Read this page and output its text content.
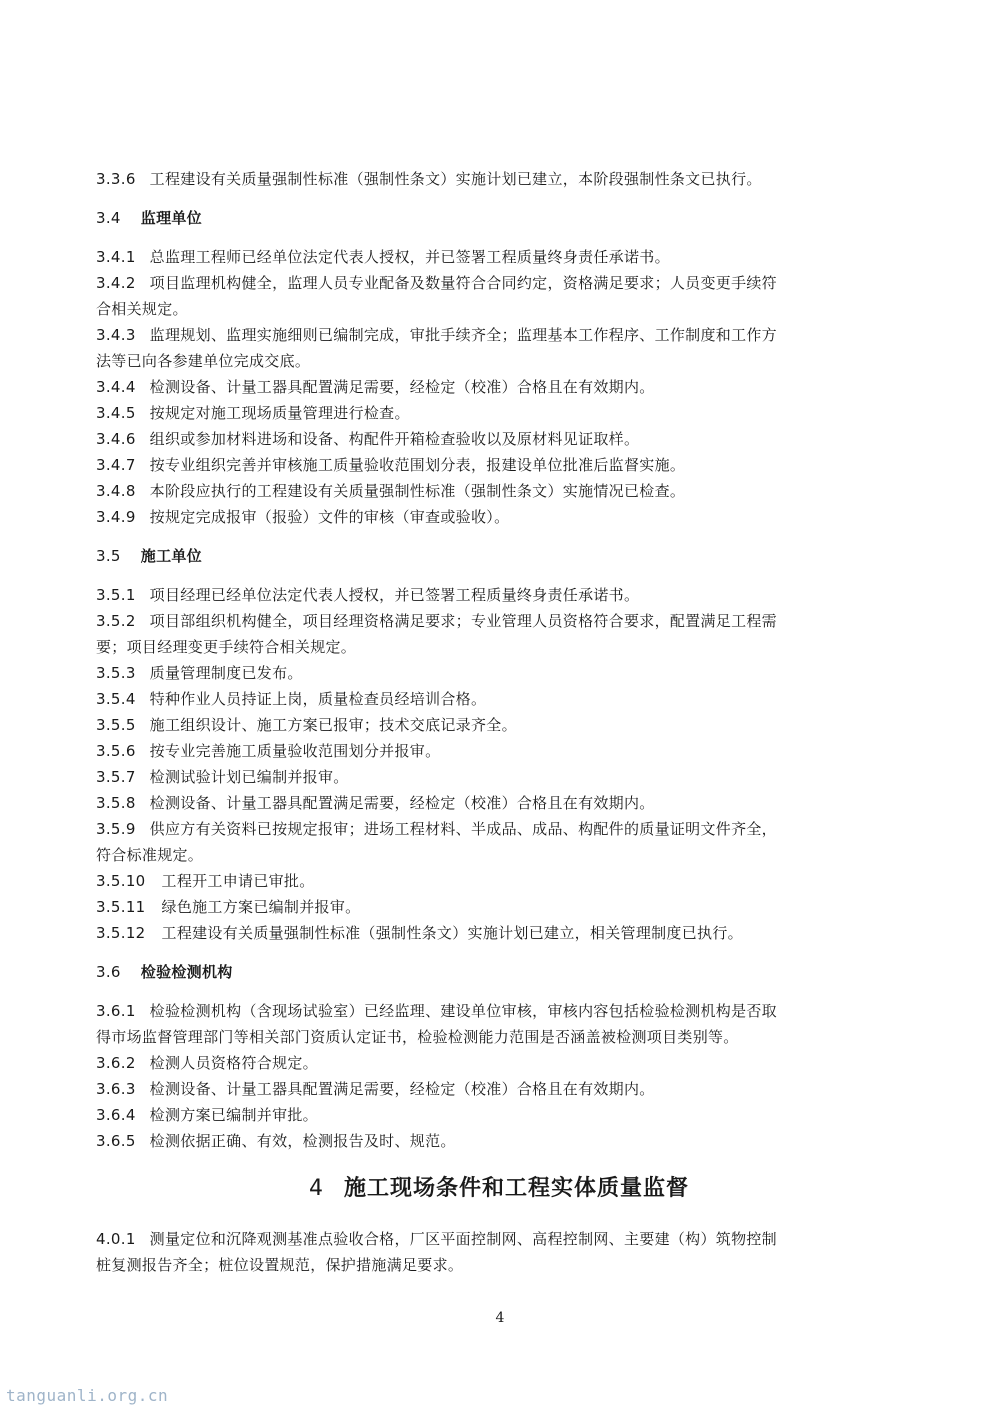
3.3.6 工程建设有关质量强制性标准（强制性条文）实施计划已建立，本阶段强制性条文已执行。
3.4 监理单位
3.4.1 总监理工程师已经单位法定代表人授权，并已签署工程质量终身责任承诺书。
3.4.2 项目监理机构健全，监理人员专业配备及数量符合合同约定，资格满足要求；人员变更手续符
合相关规定。
3.4.3 监理规划、监理实施细则已编制完成，审批手续齐全；监理基本工作程序、工作制度和工作方
法等已向各参建单位完成交底。
3.4.4 检测设备、计量工器具配置满足需要，经检定（校准）合格且在有效期内。
3.4.5 按规定对施工现场质量管理进行检查。
3.4.6 组织或参加材料进场和设备、构配件开箱检查验收以及原材料见证取样。
3.4.7 按专业组织完善并审核施工质量验收范围划分表，报建设单位批准后监督实施。
3.4.8 本阶段应执行的工程建设有关质量强制性标准（强制性条文）实施情况已检查。
3.4.9 按规定完成报审（报验）文件的审核（审查或验收）。
3.5 施工单位
3.5.1 项目经理已经单位法定代表人授权，并已签署工程质量终身责任承诺书。
3.5.2 项目部组织机构健全，项目经理资格满足要求；专业管理人员资格符合要求，配置满足工程需
要；项目经理变更手续符合相关规定。
3.5.3 质量管理制度已发布。
3.5.4 特种作业人员持证上岗，质量检查员经培训合格。
3.5.5 施工组织设计、施工方案已报审；技术交底记录齐全。
3.5.6 按专业完善施工质量验收范围划分并报审。
3.5.7 检测试验计划已编制并报审。
3.5.8 检测设备、计量工器具配置满足需要，经检定（校准）合格且在有效期内。
3.5.9 供应方有关资料已按规定报审；进场工程材料、半成品、成品、构配件的质量证明文件齐全，
符合标准规定。
3.5.10 工程开工申请已审批。
3.5.11 绿色施工方案已编制并报审。
3.5.12 工程建设有关质量强制性标准（强制性条文）实施计划已建立，相关管理制度已执行。
3.6 检验检测机构
3.6.1 检验检测机构（含现场试验室）已经监理、建设单位审核，审核内容包括检验检测机构是否取
得市场监督管理部门等相关部门资质认定证书，检验检测能力范围是否涵盖被检测项目类别等。
3.6.2 检测人员资格符合规定。
3.6.3 检测设备、计量工器具配置满足需要，经检定（校准）合格且在有效期内。
3.6.4 检测方案已编制并审批。
3.6.5 检测依据正确、有效，检测报告及时、规范。
4 施工现场条件和工程实体质量监督
4.0.1 测量定位和沉降观测基准点验收合格，厂区平面控制网、高程控制网、主要建（构）筑物控制
桩复测报告齐全；桩位设置规范，保护措施满足要求。
4
tanguanli.org.cn
